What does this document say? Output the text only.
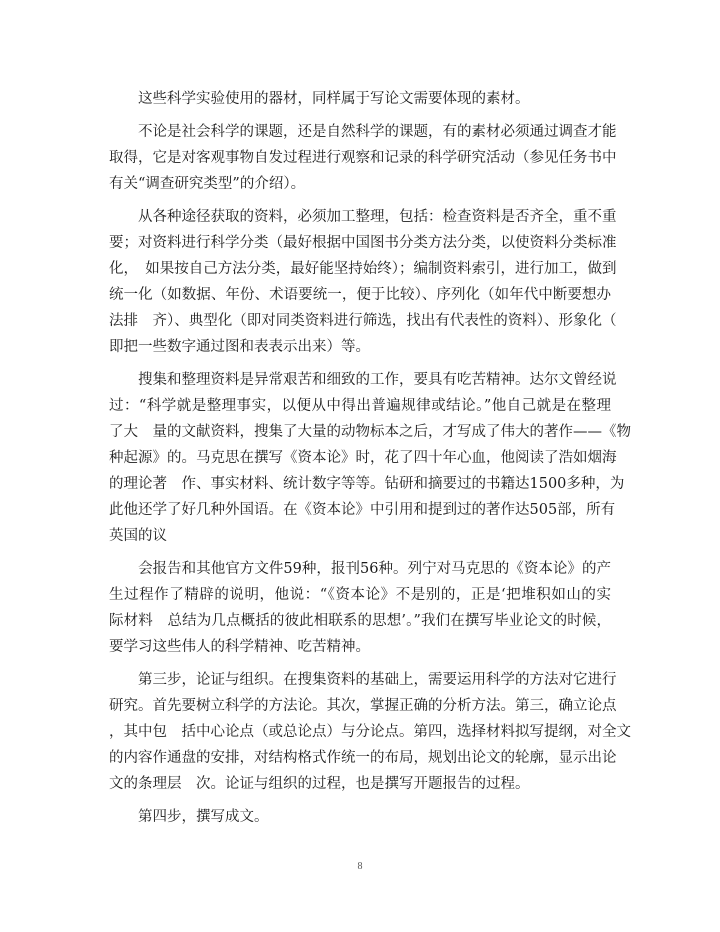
　　这些科学实验使用的器材，同样属于写论文需要体现的素材。

　　不论是社会科学的课题，还是自然科学的课题，有的素材必须通过调查才能
取得，它是对客观事物自发过程进行观察和记录的科学研究活动（参见任务书中
有关“调查研究类型”的介绍）。

　　从各种途径获取的资料，必须加工整理，包括：检查资料是否齐全，重不重
要；对资料进行科学分类（最好根据中国图书分类方法分类，以使资料分类标准
化，　如果按自己方法分类，最好能坚持始终）；编制资料索引，进行加工，做到
统一化（如数据、年份、术语要统一，便于比较）、序列化（如年代中断要想办
法排　齐）、典型化（即对同类资料进行筛选，找出有代表性的资料）、形象化（
即把一些数字通过图和表表示出来）等。

　　搜集和整理资料是异常艰苦和细致的工作，要具有吃苦精神。达尔文曾经说
过：“科学就是整理事实，以便从中得出普遍规律或结论。”他自己就是在整理
了大　量的文献资料，搜集了大量的动物标本之后，才写成了伟大的著作——《物
种起源》的。马克思在撰写《资本论》时，花了四十年心血，他阅读了浩如烟海
的理论著　作、事实材料、统计数字等等。钻研和摘要过的书籍达1500多种，为
此他还学了好几种外国语。在《资本论》中引用和提到过的著作达505部，所有
英国的议

　　会报告和其他官方文件59种，报刊56种。列宁对马克思的《资本论》的产
生过程作了精辟的说明，他说：“《资本论》不是别的，正是‘把堆积如山的实
际材料　总结为几点概括的彼此相联系的思想’。”我们在撰写毕业论文的时候，
要学习这些伟人的科学精神、吃苦精神。

　　第三步，论证与组织。在搜集资料的基础上，需要运用科学的方法对它进行
研究。首先要树立科学的方法论。其次，掌握正确的分析方法。第三，确立论点
，其中包　括中心论点（或总论点）与分论点。第四，选择材料拟写提纲，对全文
的内容作通盘的安排，对结构格式作统一的布局，规划出论文的轮廓，显示出论
文的条理层　次。论证与组织的过程，也是撰写开题报告的过程。

　　第四步，撰写成文。

8
